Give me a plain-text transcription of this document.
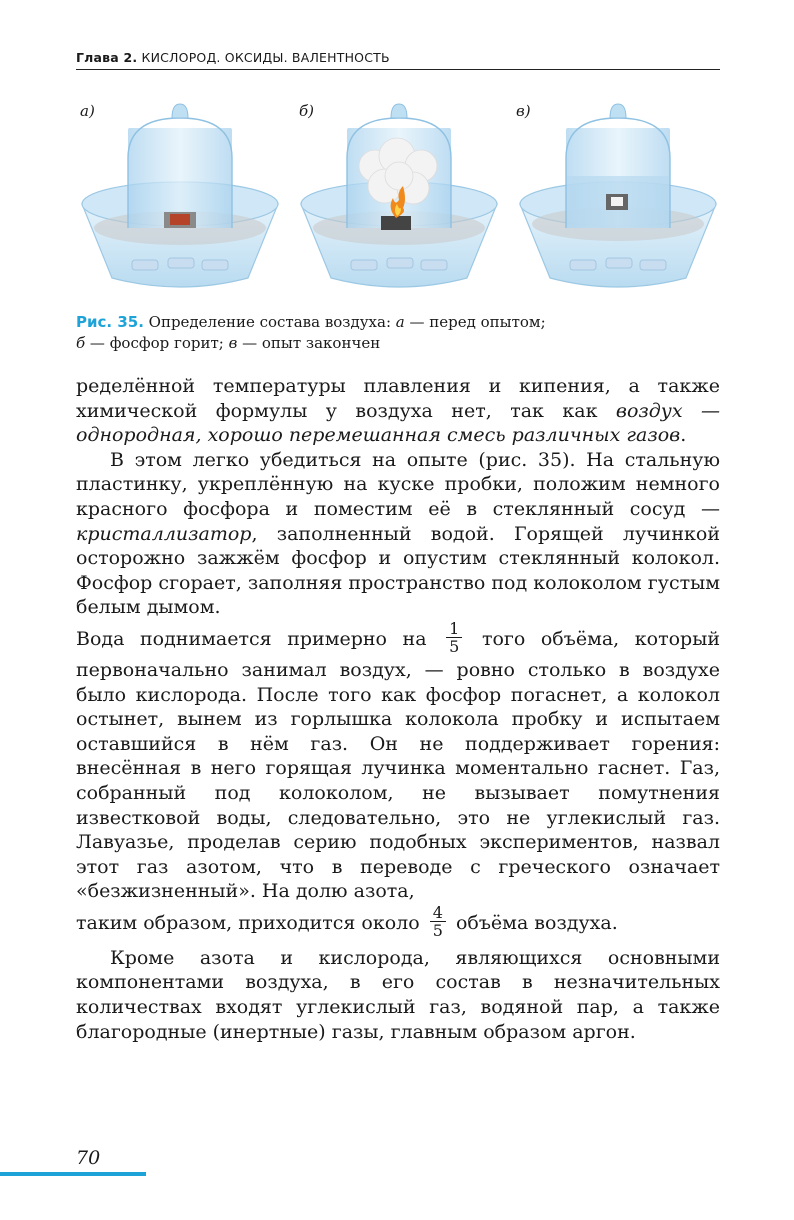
Глава 2. КИСЛОРОД. ОКСИДЫ. ВАЛЕНТНОСТЬ
а)	б)	в)
Рис. 35. Определение состава воздуха: а — перед опытом;
б — фосфор горит; в — опыт закончен

ределённой температуры плавления и кипения, а также химической формулы у воздуха нет, так как воздух — однородная, хорошо перемешанная смесь различных газов.

В этом легко убедиться на опыте (рис. 35). На стальную пластинку, укреплённую на куске пробки, положим немного красного фосфора и поместим её в стеклянный сосуд — кристаллизатор, заполненный водой. Горящей лучинкой осторожно зажжём фосфор и опустим стеклянный колокол. Фосфор сгорает, заполняя пространство под колоколом густым белым дымом.

Вода поднимается примерно на $\frac{1}{5}$ того объёма, который

первоначально занимал воздух, — ровно столько в воздухе было кислорода. После того как фосфор погаснет, а колокол остынет, вынем из горлышка колокола пробку и испытаем оставшийся в нём газ. Он не поддерживает горения: внесённая в него горящая лучинка моментально гаснет. Газ, собранный под колоколом, не вызывает помутнения известковой воды, следовательно, это не углекислый газ. Лавуазье, проделав серию подобных экспериментов, назвал этот газ азотом, что в переводе с греческого означает «безжизненный». На долю азота,

таким образом, приходится около $\frac{4}{5}$ объёма воздуха.

Кроме азота и кислорода, являющихся основными компонентами воздуха, в его состав в незначительных количествах входят углекислый газ, водяной пар, а также благородные (инертные) газы, главным образом аргон.

70
